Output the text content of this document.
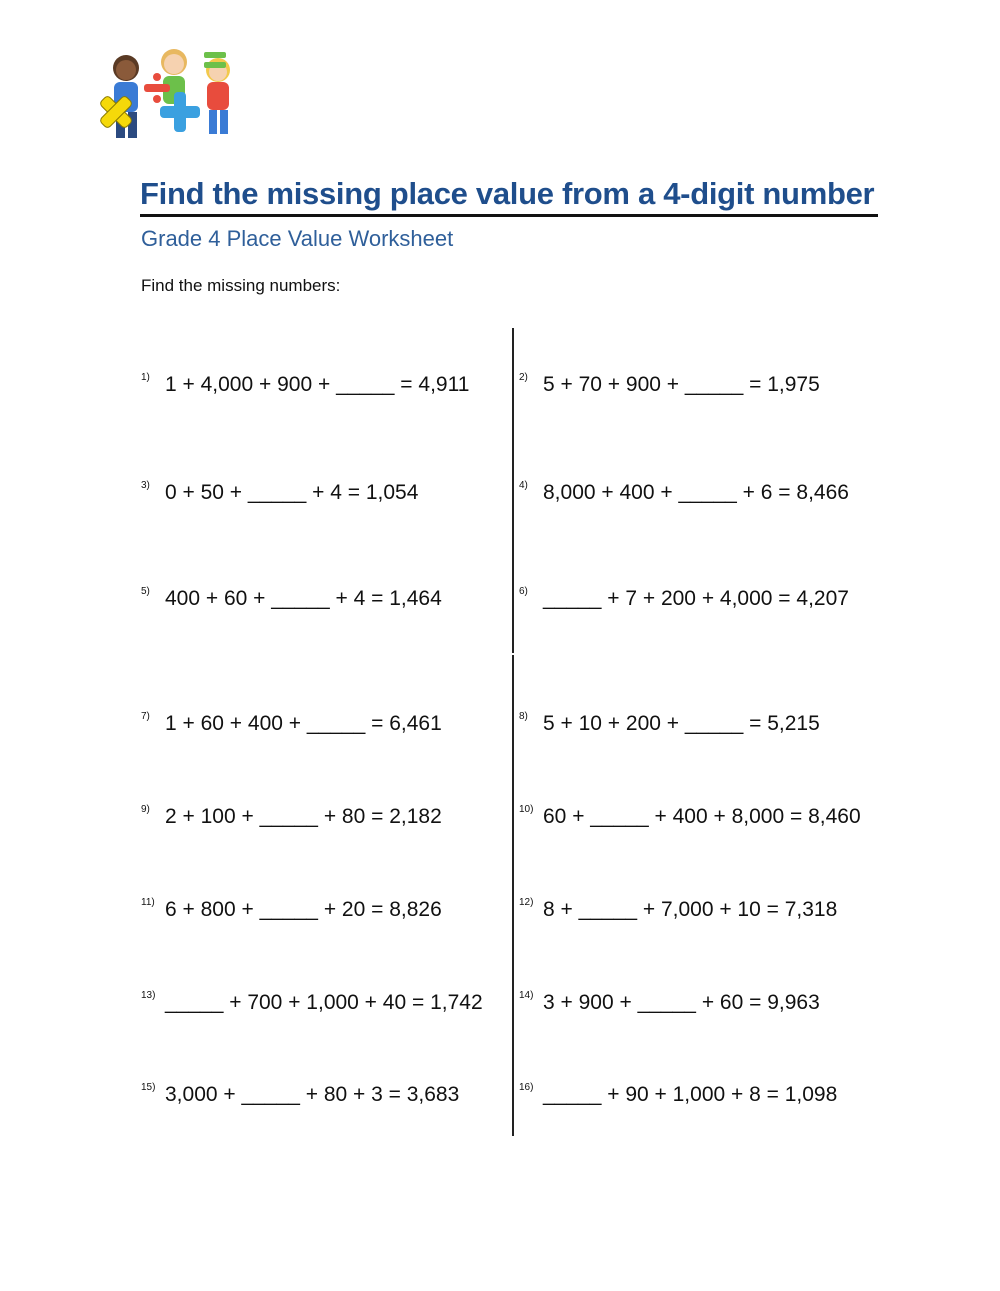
Find the missing place value from a 4-digit number
Grade 4 Place Value Worksheet
Find the missing numbers:
1) 1 + 4,000 + 900 + _____ = 4,911	2) 5 + 70 + 900 + _____ = 1,975
3) 0 + 50 + _____ + 4 = 1,054	4) 8,000 + 400 + _____ + 6 = 8,466
5) 400 + 60 + _____ + 4 = 1,464	6) _____ + 7 + 200 + 4,000 = 4,207
7) 1 + 60 + 400 + _____ = 6,461	8) 5 + 10 + 200 + _____ = 5,215
9) 2 + 100 + _____ + 80 = 2,182	10) 60 + _____ + 400 + 8,000 = 8,460
11) 6 + 800 + _____ + 20 = 8,826	12) 8 + _____ + 7,000 + 10 = 7,318
13) _____ + 700 + 1,000 + 40 = 1,742	14) 3 + 900 + _____ + 60 = 9,963
15) 3,000 + _____ + 80 + 3 = 3,683	16) _____ + 90 + 1,000 + 8 = 1,098
